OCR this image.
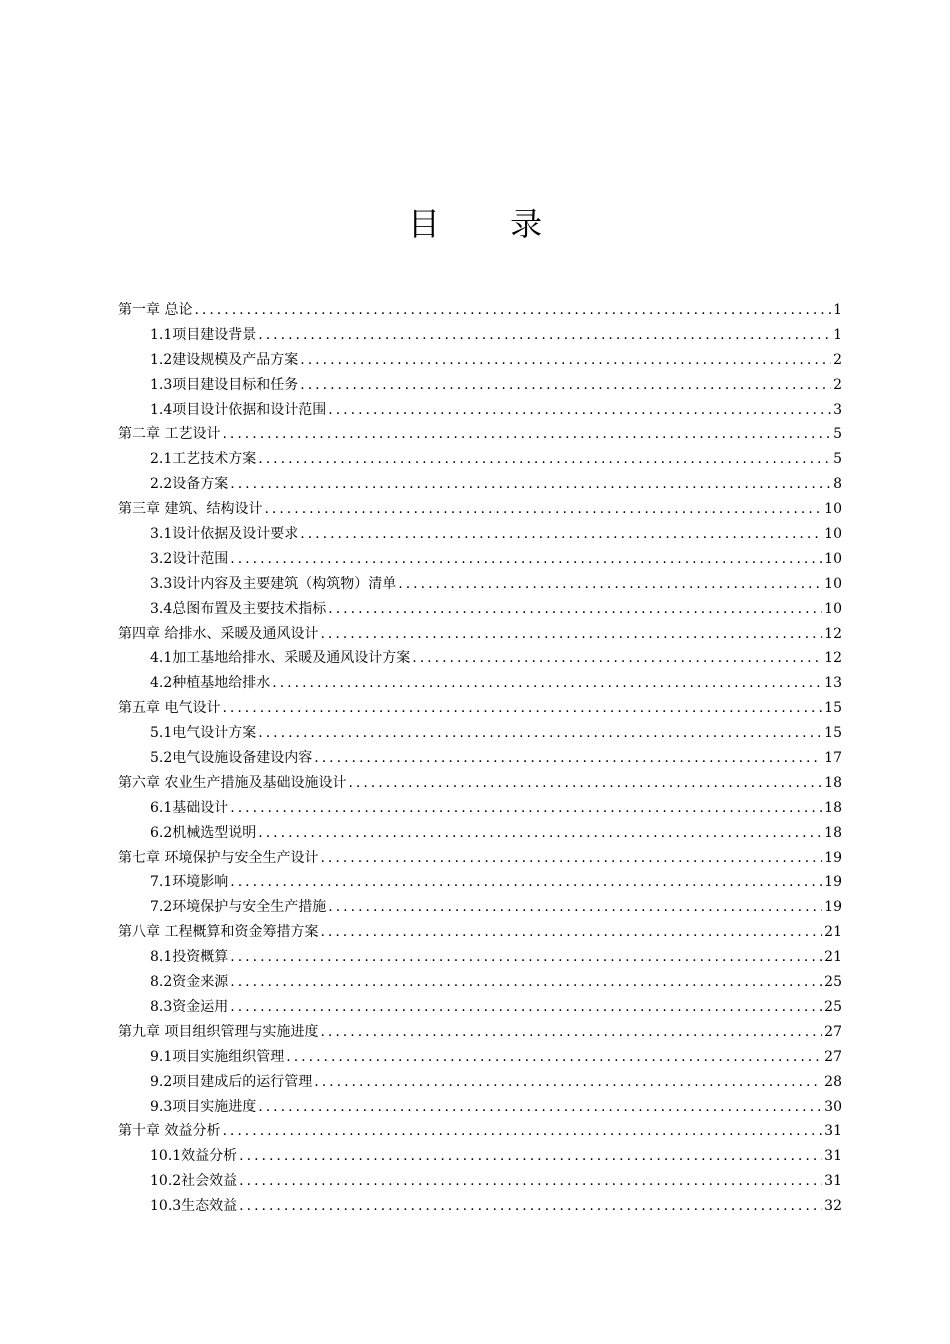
目 录
第一章 总论 .....	1
1.1项目建设背景 .....	1
1.2建设规模及产品方案 .....	2
1.3项目建设目标和任务 .....	2
1.4项目设计依据和设计范围 .....	3
第二章 工艺设计 .....	5
2.1工艺技术方案 .....	5
2.2设备方案 .....	8
第三章 建筑、结构设计 .....	10
3.1设计依据及设计要求 .....	10
3.2设计范围 .....	10
3.3设计内容及主要建筑（构筑物）清单 .....	10
3.4总图布置及主要技术指标 .....	10
第四章 给排水、采暖及通风设计 .....	12
4.1加工基地给排水、采暖及通风设计方案 .....	12
4.2种植基地给排水 .....	13
第五章 电气设计 .....	15
5.1电气设计方案 .....	15
5.2电气设施设备建设内容 .....	17
第六章 农业生产措施及基础设施设计 .....	18
6.1基础设计 .....	18
6.2机械选型说明 .....	18
第七章 环境保护与安全生产设计 .....	19
7.1环境影响 .....	19
7.2环境保护与安全生产措施 .....	19
第八章 工程概算和资金筹措方案 .....	21
8.1投资概算 .....	21
8.2资金来源 .....	25
8.3资金运用 .....	25
第九章 项目组织管理与实施进度 .....	27
9.1项目实施组织管理 .....	27
9.2项目建成后的运行管理 .....	28
9.3项目实施进度 .....	30
第十章 效益分析 .....	31
10.1效益分析 .....	31
10.2社会效益 .....	31
10.3生态效益 .....	32
